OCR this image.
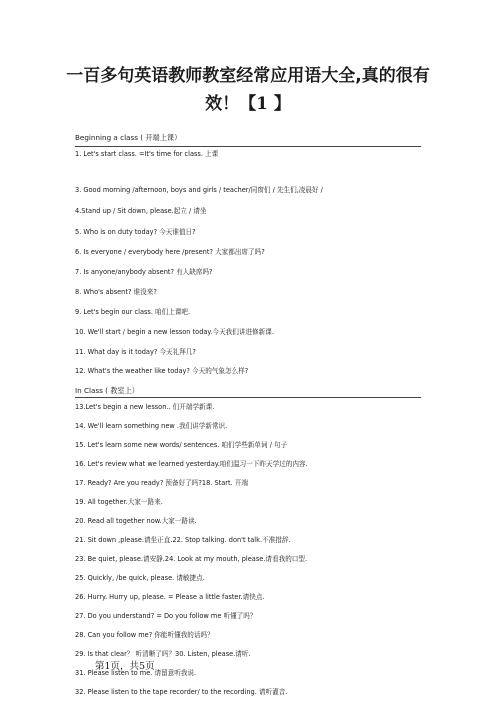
一百多句英语教师教室经常应用语大全,真的很有
效！【1 】
Beginning a class ( 开端上课）
1. Let's start class. =It's time for class. 上课
3. Good morning /afternoon, boys and girls / teacher/同窗们 / 先生们,凌晨好 /
4.Stand up / Sit down, please.起立 / 请坐
5. Who is on duty today? 今天谁值日?
6. Is everyone / everybody here /present? 大家都出席了吗?
7. Is anyone/anybody absent? 有人缺席吗?
8. Who's absent? 谁没来?
9. Let's begin our class. 咱们上课吧.
10. We'll start / begin a new lesson today.今天我们讲进修新课.
11. What day is it today? 今天礼拜几?
12. What's the weather like today? 今天的气象怎么样?
In Class ( 教室上）
13.Let's begin a new lesson.. 们开端学新课.
14. We'll learn something new .我们讲学新常识.
15. Let's learn some new words/ sentences. 咱们学些新单词 / 句子
16. Let's review what we learned yesterday.咱们温习一下昨天学过的内容.
17. Ready? Are you ready? 预备好了吗?18. Start. 开端
19. All together.大家一路来.
20. Read all together now.大家一路读.
21. Sit down ,please.请坐正直.22. Stop talking. don't talk.不准措辞.
23. Be quiet, please.请安静.24. Look at my mouth, please.请看我的口型.
25. Quickly, /be quick, please. 请敏捷点.
26. Hurry. Hurry up, please. = Please a little faster.请快点.
27. Do you understand? = Do you follow me 听懂了吗？
28. Can you follow me? 你能听懂我的话吗？
29. Is that clear？ 听清晰了吗？30. Listen, please.请听.
31. Please listen to me. 请留意听我说.
32. Please listen to the tape recorder/ to the recording. 请听灌音.
第1页，共5页
